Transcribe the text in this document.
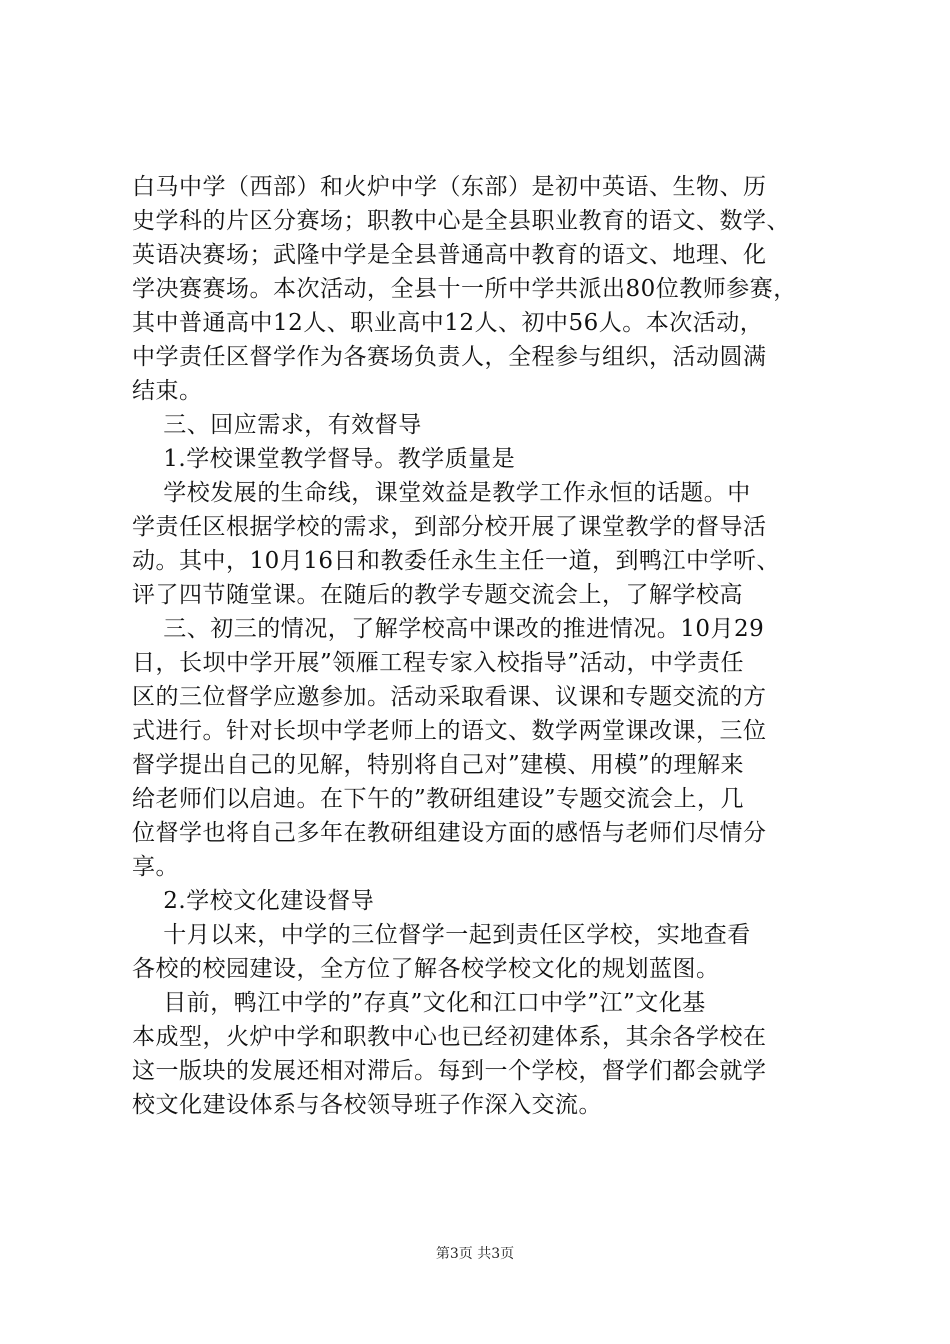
白马中学（西部）和火炉中学（东部）是初中英语、生物、历
史学科的片区分赛场；职教中心是全县职业教育的语文、数学、
英语决赛场；武隆中学是全县普通高中教育的语文、地理、化
学决赛赛场。本次活动，全县十一所中学共派出80位教师参赛，
其中普通高中12人、职业高中12人、初中56人。本次活动，
中学责任区督学作为各赛场负责人，全程参与组织，活动圆满
结束。
三、回应需求，有效督导
1.学校课堂教学督导。教学质量是
学校发展的生命线，课堂效益是教学工作永恒的话题。中
学责任区根据学校的需求，到部分校开展了课堂教学的督导活
动。其中，10月16日和教委任永生主任一道，到鸭江中学听、
评了四节随堂课。在随后的教学专题交流会上，了解学校高
三、初三的情况，了解学校高中课改的推进情况。10月29
日，长坝中学开展”领雁工程专家入校指导”活动，中学责任
区的三位督学应邀参加。活动采取看课、议课和专题交流的方
式进行。针对长坝中学老师上的语文、数学两堂课改课，三位
督学提出自己的见解，特别将自己对”建模、用模”的理解来
给老师们以启迪。在下午的”教研组建设”专题交流会上，几
位督学也将自己多年在教研组建设方面的感悟与老师们尽情分
享。
2.学校文化建设督导
十月以来，中学的三位督学一起到责任区学校，实地查看
各校的校园建设，全方位了解各校学校文化的规划蓝图。
目前，鸭江中学的”存真”文化和江口中学”江”文化基
本成型，火炉中学和职教中心也已经初建体系，其余各学校在
这一版块的发展还相对滞后。每到一个学校，督学们都会就学
校文化建设体系与各校领导班子作深入交流。
第3页 共3页
